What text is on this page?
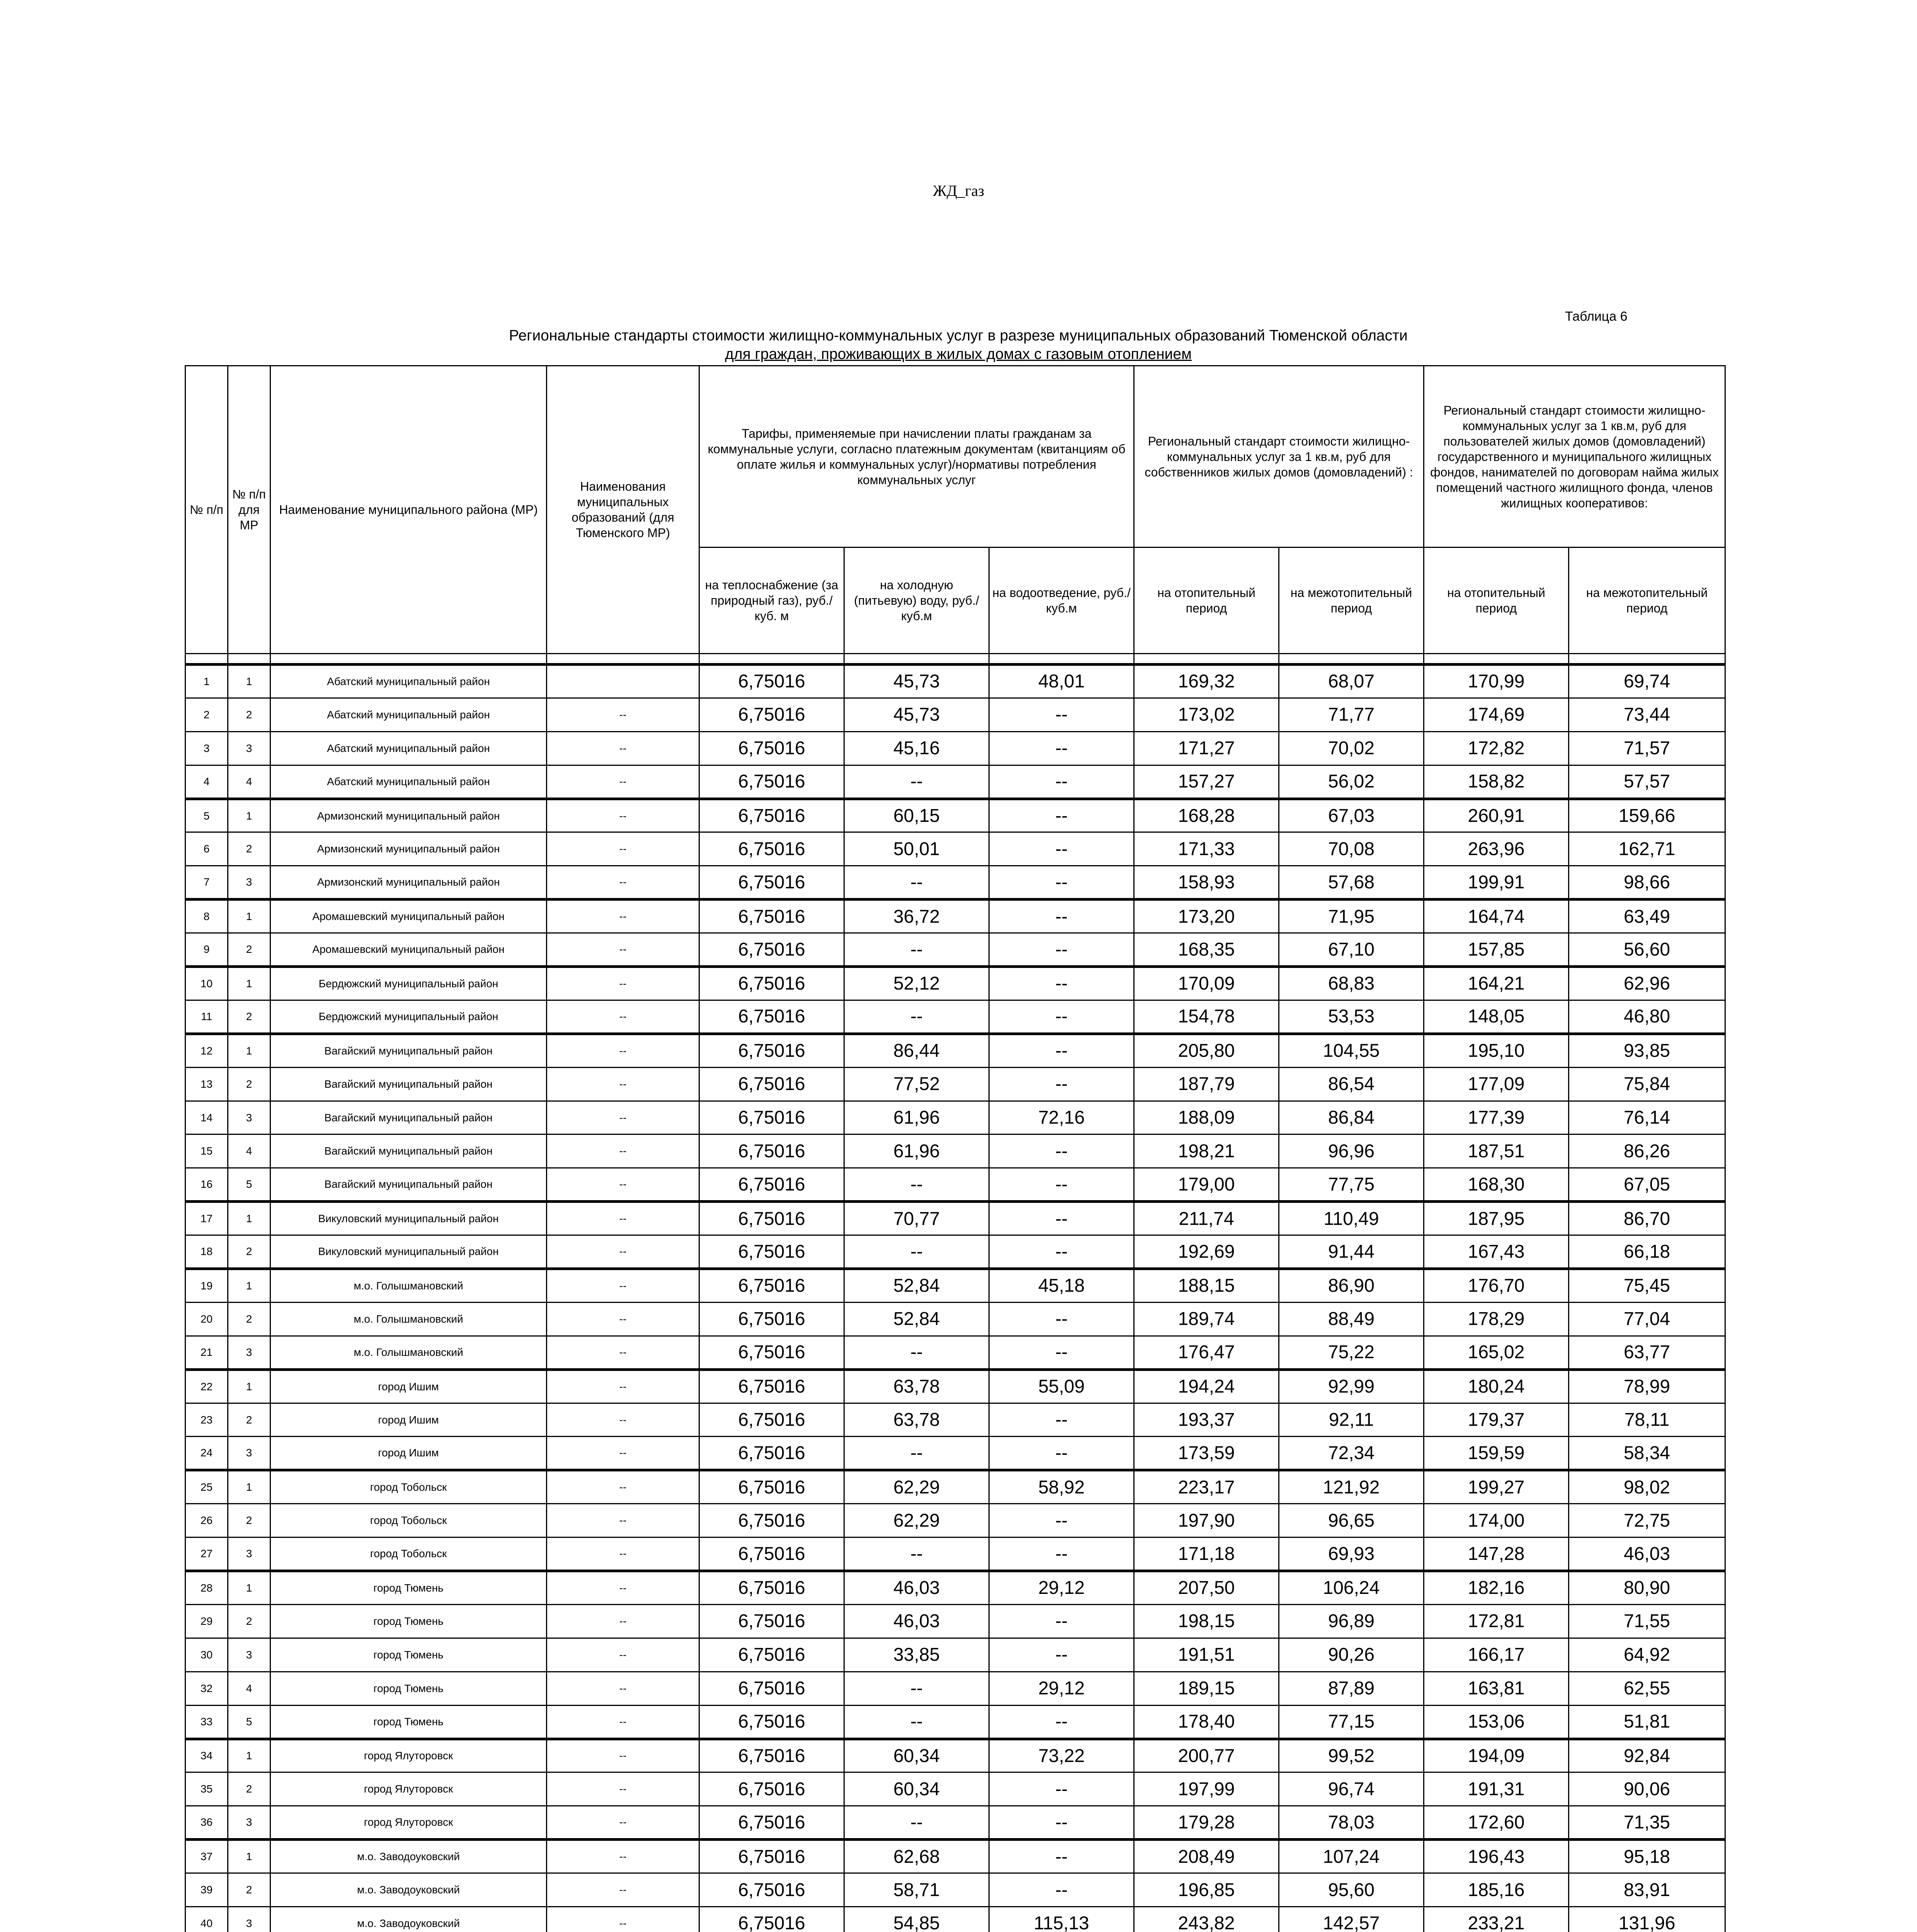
ЖД_газ
Таблица 6
Региональные стандарты стоимости жилищно-коммунальных услуг в разрезе муниципальных образований Тюменской области
для граждан, проживающих в жилых домах с газовым отоплением
№ п/п	№ п/п для МР	Наименование муниципального района (МР)	Наименования муниципальных образований (для Тюменского МР)	Тарифы, применяемые при начислении платы гражданам за коммунальные услуги, согласно платежным документам (квитанциям об оплате жилья и коммунальных услуг)/нормативы потребления коммунальных услуг			Региональный стандарт стоимости жилищно-коммунальных услуг за 1 кв.м, руб для собственников жилых домов (домовладений) :		Региональный стандарт стоимости жилищно-коммунальных услуг за 1 кв.м, руб для пользователей жилых домов (домовладений) государственного и муниципального жилищных фондов, нанимателей по договорам найма жилых помещений частного жилищного фонда, членов жилищных кооперативов:	
				на теплоснабжение (за природный газ), руб./куб. м	на холодную (питьевую) воду, руб./куб.м	на водоотведение, руб./куб.м	на отопительный период	на межотопительный период	на отопительный период	на межотопительный период

1	1	Абатский муниципальный район		6,75016	45,73	48,01	169,32	68,07	170,99	69,74
2	2	Абатский муниципальный район	--	6,75016	45,73	--	173,02	71,77	174,69	73,44
3	3	Абатский муниципальный район	--	6,75016	45,16	--	171,27	70,02	172,82	71,57
4	4	Абатский муниципальный район	--	6,75016	--	--	157,27	56,02	158,82	57,57
5	1	Армизонский муниципальный район	--	6,75016	60,15	--	168,28	67,03	260,91	159,66
6	2	Армизонский муниципальный район	--	6,75016	50,01	--	171,33	70,08	263,96	162,71
7	3	Армизонский муниципальный район	--	6,75016	--	--	158,93	57,68	199,91	98,66
8	1	Аромашевский муниципальный район	--	6,75016	36,72	--	173,20	71,95	164,74	63,49
9	2	Аромашевский муниципальный район	--	6,75016	--	--	168,35	67,10	157,85	56,60
10	1	Бердюжский муниципальный район	--	6,75016	52,12	--	170,09	68,83	164,21	62,96
11	2	Бердюжский муниципальный район	--	6,75016	--	--	154,78	53,53	148,05	46,80
12	1	Вагайский муниципальный район	--	6,75016	86,44	--	205,80	104,55	195,10	93,85
13	2	Вагайский муниципальный район	--	6,75016	77,52	--	187,79	86,54	177,09	75,84
14	3	Вагайский муниципальный район	--	6,75016	61,96	72,16	188,09	86,84	177,39	76,14
15	4	Вагайский муниципальный район	--	6,75016	61,96	--	198,21	96,96	187,51	86,26
16	5	Вагайский муниципальный район	--	6,75016	--	--	179,00	77,75	168,30	67,05
17	1	Викуловский муниципальный район	--	6,75016	70,77	--	211,74	110,49	187,95	86,70
18	2	Викуловский муниципальный район	--	6,75016	--	--	192,69	91,44	167,43	66,18
19	1	м.о. Голышмановский	--	6,75016	52,84	45,18	188,15	86,90	176,70	75,45
20	2	м.о. Голышмановский	--	6,75016	52,84	--	189,74	88,49	178,29	77,04
21	3	м.о. Голышмановский	--	6,75016	--	--	176,47	75,22	165,02	63,77
22	1	город Ишим	--	6,75016	63,78	55,09	194,24	92,99	180,24	78,99
23	2	город Ишим	--	6,75016	63,78	--	193,37	92,11	179,37	78,11
24	3	город Ишим	--	6,75016	--	--	173,59	72,34	159,59	58,34
25	1	город Тобольск	--	6,75016	62,29	58,92	223,17	121,92	199,27	98,02
26	2	город Тобольск	--	6,75016	62,29	--	197,90	96,65	174,00	72,75
27	3	город Тобольск	--	6,75016	--	--	171,18	69,93	147,28	46,03
28	1	город Тюмень	--	6,75016	46,03	29,12	207,50	106,24	182,16	80,90
29	2	город Тюмень	--	6,75016	46,03	--	198,15	96,89	172,81	71,55
30	3	город Тюмень	--	6,75016	33,85	--	191,51	90,26	166,17	64,92
32	4	город Тюмень	--	6,75016	--	29,12	189,15	87,89	163,81	62,55
33	5	город Тюмень	--	6,75016	--	--	178,40	77,15	153,06	51,81
34	1	город Ялуторовск	--	6,75016	60,34	73,22	200,77	99,52	194,09	92,84
35	2	город Ялуторовск	--	6,75016	60,34	--	197,99	96,74	191,31	90,06
36	3	город Ялуторовск	--	6,75016	--	--	179,28	78,03	172,60	71,35
37	1	м.о. Заводоуковский	--	6,75016	62,68	--	208,49	107,24	196,43	95,18
39	2	м.о. Заводоуковский	--	6,75016	58,71	--	196,85	95,60	185,16	83,91
40	3	м.о. Заводоуковский	--	6,75016	54,85	115,13	243,82	142,57	233,21	131,96
